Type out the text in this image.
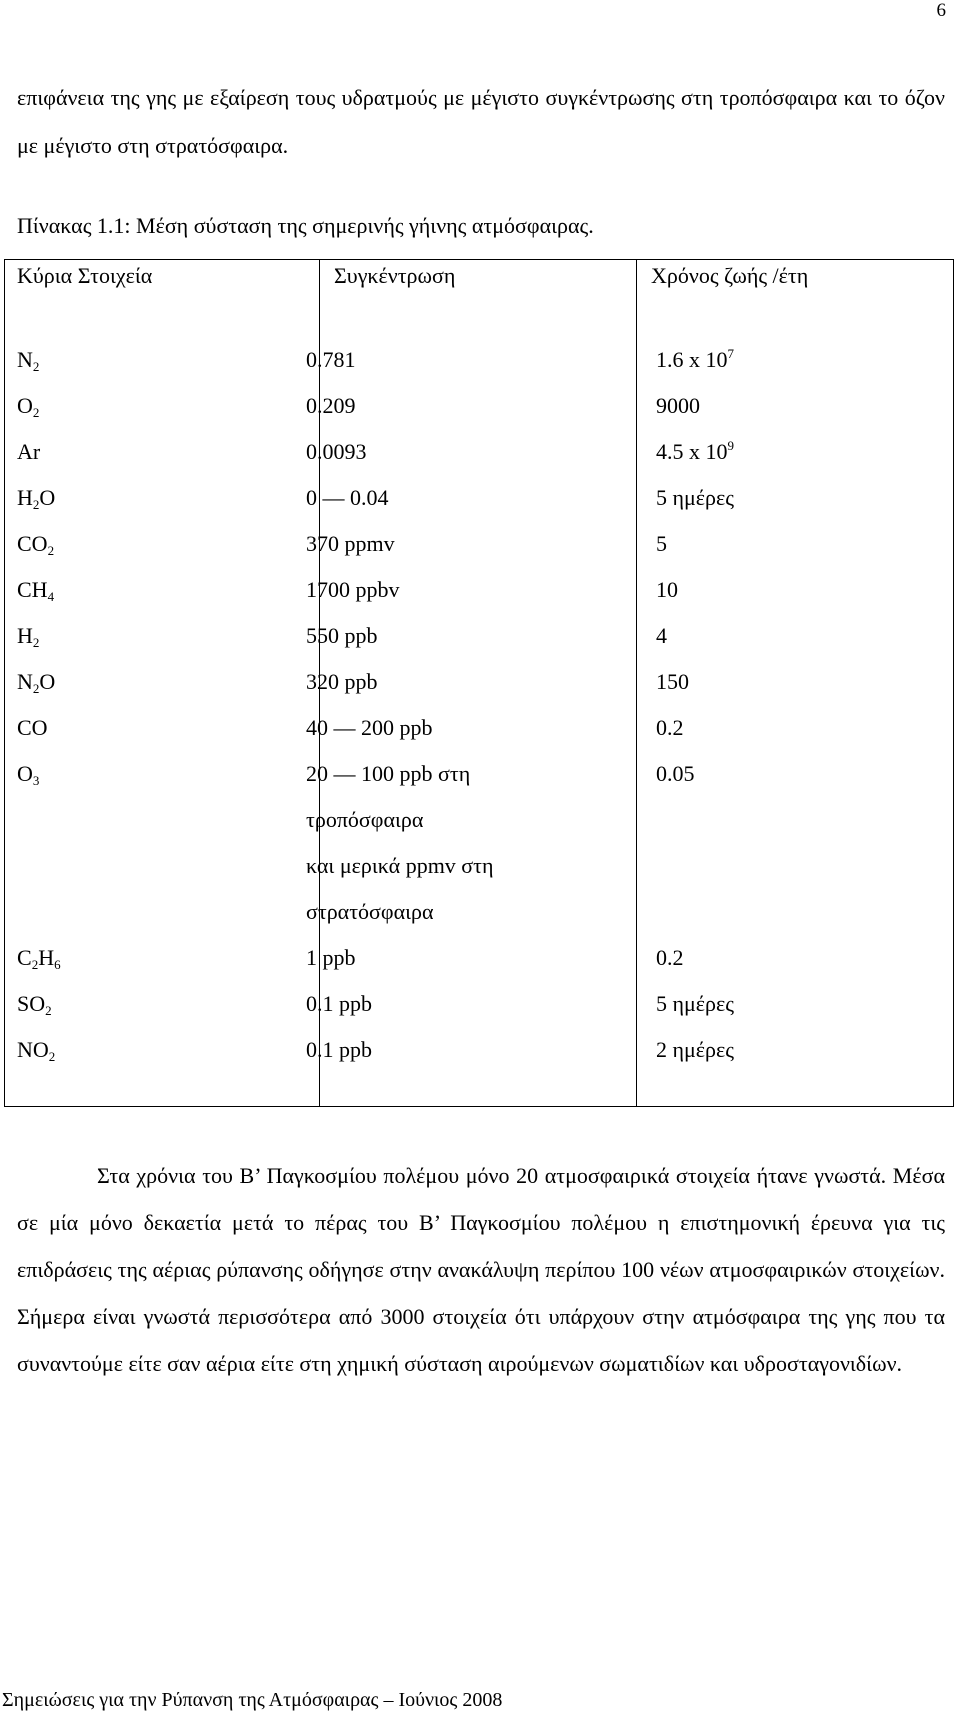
6
επιφάνεια της γης με εξαίρεση τους υδρατμούς με μέγιστο συγκέντρωσης στη τροπόσφαιρα και το όζον με μέγιστο στη στρατόσφαιρα.
Πίνακας 1.1: Μέση σύσταση της σημερινής γήινης ατμόσφαιρας.
Κύρια Στοιχεία	Συγκέντρωση	Χρόνος ζωής /έτη
$N_2$	0.781	1.6 x $10^7$
$O_2$	0.209	9000
Ar	0.0093	4.5 x $10^9$
$H_2O$	0 — 0.04	5 ημέρες
$CO_2$	370 ppmv	5
$CH_4$	1700 ppbv	10
$H_2$	550 ppb	4
$N_2O$	320 ppb	150
CO	40 — 200 ppb	0.2
$O_3$	20 — 100 ppb στη	0.05
τροπόσφαιρα
και μερικά ppmv στη
στρατόσφαιρα
$C_2H_6$	1 ppb	0.2
$SO_2$	0.1 ppb	5 ημέρες
$NO_2$	0.1 ppb	2 ημέρες
Στα χρόνια του Β’ Παγκοσμίου πολέμου μόνο 20 ατμοσφαιρικά στοιχεία ήτανε γνωστά. Μέσα σε μία μόνο δεκαετία μετά το πέρας του Β’ Παγκοσμίου πολέμου η επιστημονική έρευνα για τις επιδράσεις της αέριας ρύπανσης οδήγησε στην ανακάλυψη περίπου 100 νέων ατμοσφαιρικών στοιχείων. Σήμερα είναι γνωστά περισσότερα από 3000 στοιχεία ότι υπάρχουν στην ατμόσφαιρα της γης που τα συναντούμε είτε σαν αέρια είτε στη χημική σύσταση αιρούμενων σωματιδίων και υδροσταγονιδίων.
Σημειώσεις για την Ρύπανση της Ατμόσφαιρας – Ιούνιος 2008
